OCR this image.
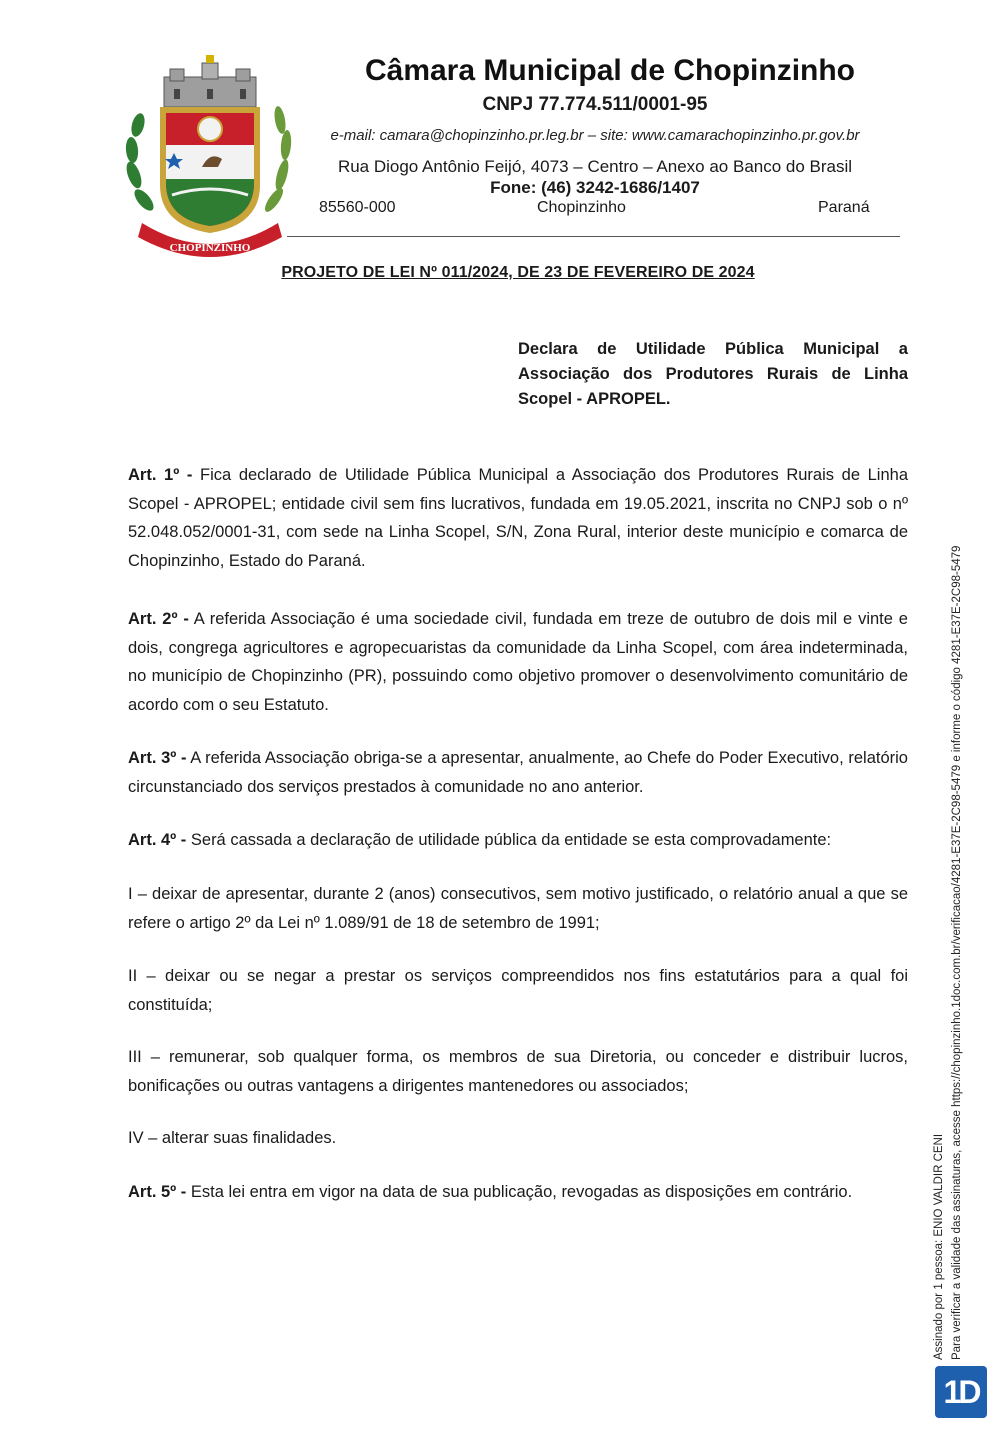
CHOPINZINHO
Câmara Municipal de Chopinzinho
CNPJ 77.774.511/0001-95
e-mail: camara@chopinzinho.pr.leg.br – site: www.camarachopinzinho.pr.gov.br
Rua Diogo Antônio Feijó, 4073 – Centro – Anexo ao Banco do Brasil
Fone: (46) 3242-1686/1407
85560-000	Chopinzinho	Paraná
PROJETO DE LEI Nº 011/2024, DE 23 DE FEVEREIRO DE 2024
Declara de Utilidade Pública Municipal a Associação dos Produtores Rurais de Linha Scopel - APROPEL.
Art. 1º - Fica declarado de Utilidade Pública Municipal a Associação dos Produtores Rurais de Linha Scopel - APROPEL; entidade civil sem fins lucrativos, fundada em 19.05.2021, inscrita no CNPJ sob o nº 52.048.052/0001-31, com sede na Linha Scopel, S/N, Zona Rural, interior deste município e comarca de Chopinzinho, Estado do Paraná.
Art. 2º - A referida Associação é uma sociedade civil, fundada em treze de outubro de dois mil e vinte e dois, congrega agricultores e agropecuaristas da comunidade da Linha Scopel, com área indeterminada, no município de Chopinzinho (PR), possuindo como objetivo promover o desenvolvimento comunitário de acordo com o seu Estatuto.
Art. 3º - A referida Associação obriga-se a apresentar, anualmente, ao Chefe do Poder Executivo, relatório circunstanciado dos serviços prestados à comunidade no ano anterior.
Art. 4º - Será cassada a declaração de utilidade pública da entidade se esta comprovadamente:
I – deixar de apresentar, durante 2 (anos) consecutivos, sem motivo justificado, o relatório anual a que se refere o artigo 2º da Lei nº 1.089/91 de 18 de setembro de 1991;
II – deixar ou se negar a prestar os serviços compreendidos nos fins estatutários para a qual foi constituída;
III – remunerar, sob qualquer forma, os membros de sua Diretoria, ou conceder e distribuir lucros, bonificações ou outras vantagens a dirigentes mantenedores ou associados;
IV – alterar suas finalidades.
Art. 5º - Esta lei entra em vigor na data de sua publicação, revogadas as disposições em contrário.	Assinado por 1 pessoa: ENIO VALDIR CENI Para verificar a validade das assinaturas, acesse https://chopinzinho.1doc.com.br/verificacao/4281-E37E-2C98-5479 e informe o código 4281-E37E-2C98-5479
1D
